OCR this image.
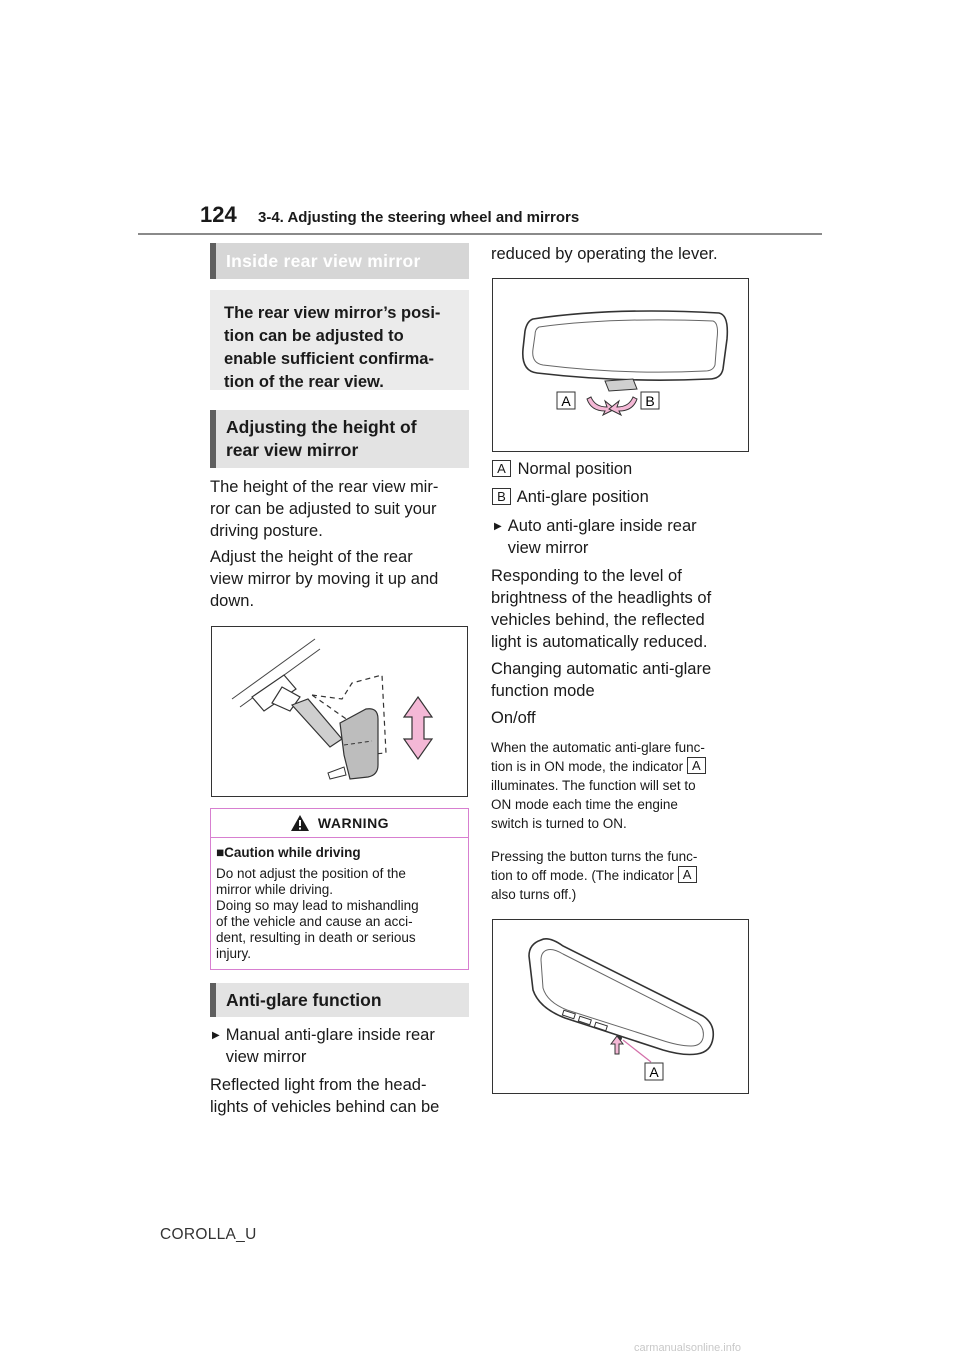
124 3-4. Adjusting the steering wheel and mirrors
Inside rear view mirror
The rear view mirror’s posi-
tion can be adjusted to
enable sufficient confirma-
tion of the rear view.
Adjusting the height of
rear view mirror
The height of the rear view mir-
ror can be adjusted to suit your
driving posture.
Adjust the height of the rear
view mirror by moving it up and
down.
WARNING
■Caution while driving
Do not adjust the position of the
mirror while driving.
Doing so may lead to mishandling
of the vehicle and cause an acci-
dent, resulting in death or serious
injury.
Anti-glare function
▶
Manual anti-glare inside rear
view mirror
Reflected light from the head-
lights of vehicles behind can be
reduced by operating the lever.
A	B
A Normal position
B Anti-glare position
▶
Auto anti-glare inside rear
view mirror
Responding to the level of
brightness of the headlights of
vehicles behind, the reflected
light is automatically reduced.
Changing automatic anti-glare
function mode
On/off
When the automatic anti-glare func-
tion is in ON mode, the indicator A
illuminates. The function will set to
ON mode each time the engine
switch is turned to ON.
Pressing the button turns the func-
tion to off mode. (The indicator A
also turns off.)
A
COROLLA_U
carmanualsonline.info
